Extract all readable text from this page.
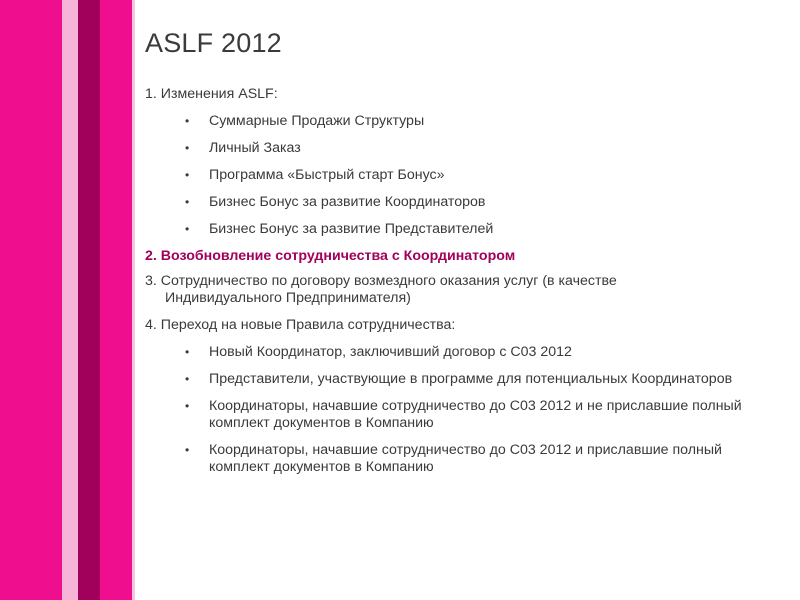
ASLF 2012
1. Изменения ASLF:
• Суммарные Продажи Структуры
• Личный Заказ
• Программа «Быстрый старт Бонус»
• Бизнес Бонус за развитие Координаторов
• Бизнес Бонус за развитие Представителей
2. Возобновление сотрудничества с Координатором
3. Сотрудничество по договору возмездного оказания услуг (в качестве
Индивидуального Предпринимателя)
4. Переход на новые Правила сотрудничества:
• Новый Координатор, заключивший договор с С03 2012
• Представители, участвующие в программе для потенциальных Координаторов
• Координаторы, начавшие сотрудничество до С03 2012 и не приславшие полный комплект документов в Компанию
• Координаторы, начавшие сотрудничество до С03 2012 и приславшие полный комплект документов в Компанию
